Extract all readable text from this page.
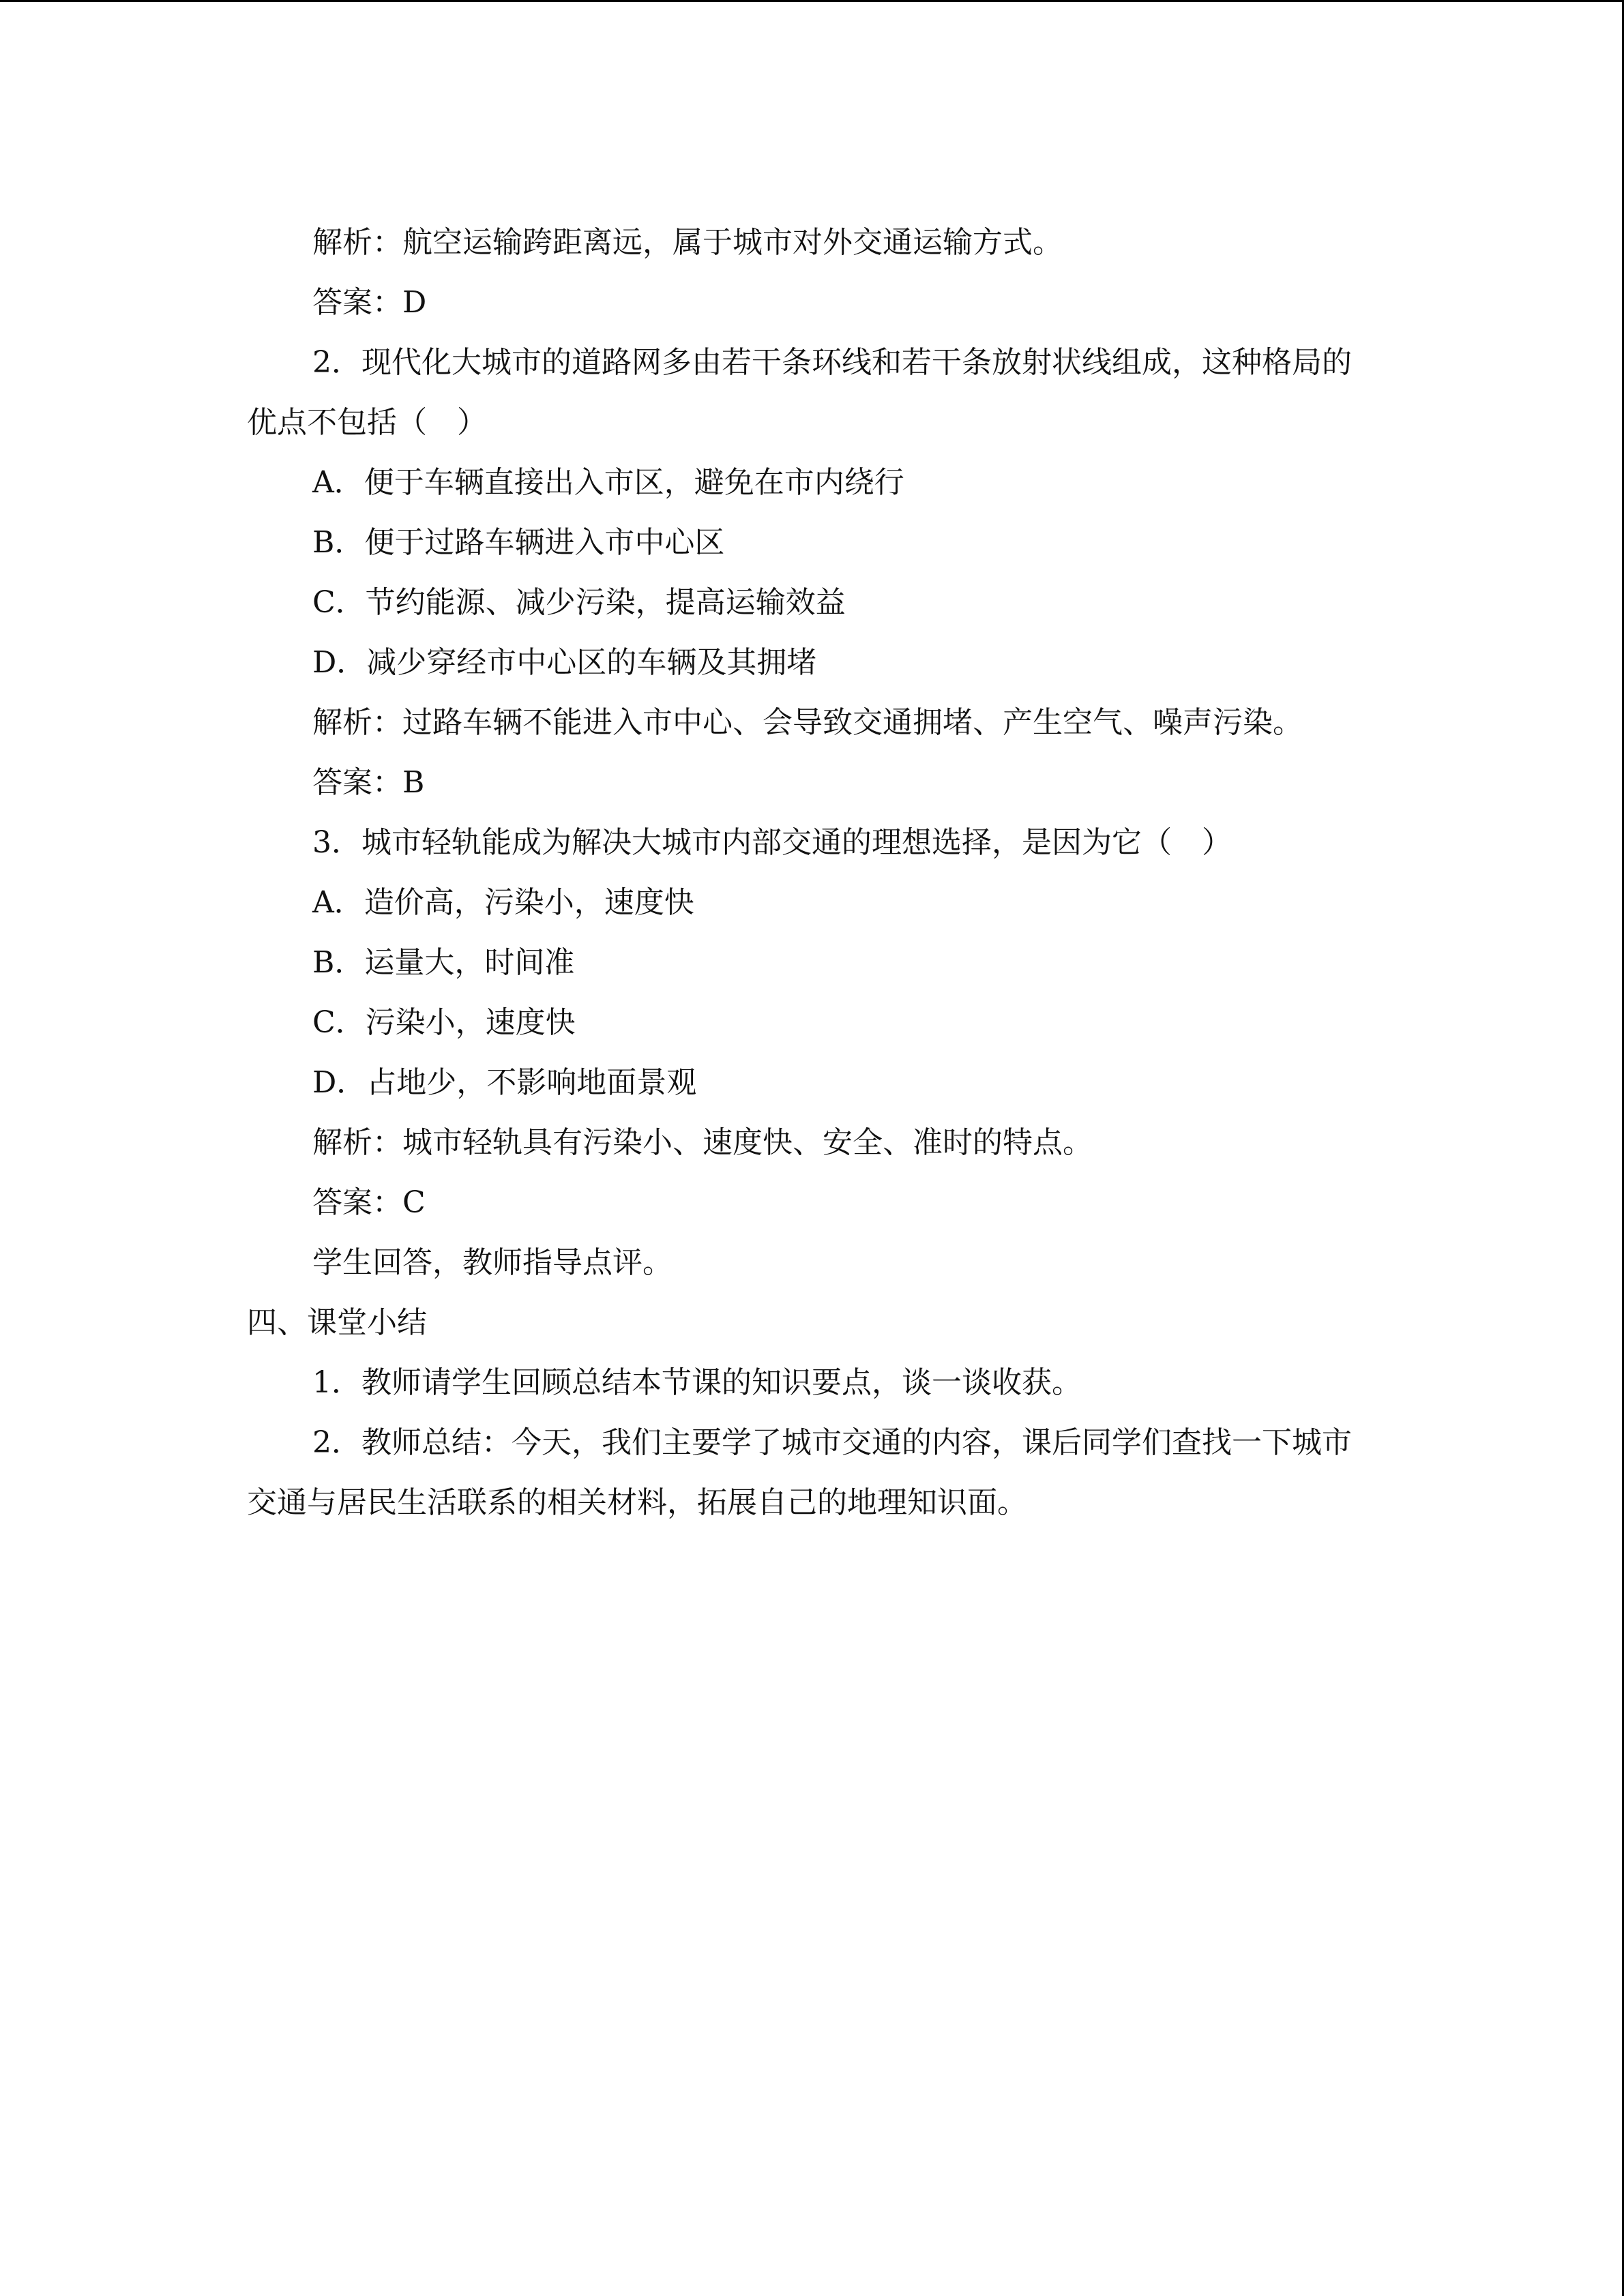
解析：航空运输跨距离远，属于城市对外交通运输方式。

答案：D

2．现代化大城市的道路网多由若干条环线和若干条放射状线组成，这种格局的优点不包括（　）

A．便于车辆直接出入市区，避免在市内绕行

B．便于过路车辆进入市中心区

C．节约能源、减少污染，提高运输效益

D．减少穿经市中心区的车辆及其拥堵

解析：过路车辆不能进入市中心、会导致交通拥堵、产生空气、噪声污染。

答案：B

3．城市轻轨能成为解决大城市内部交通的理想选择，是因为它（　）

A．造价高，污染小，速度快

B．运量大，时间准

C．污染小，速度快

D．占地少，不影响地面景观

解析：城市轻轨具有污染小、速度快、安全、准时的特点。

答案：C

学生回答，教师指导点评。

四、课堂小结

1．教师请学生回顾总结本节课的知识要点，谈一谈收获。

2．教师总结：今天，我们主要学了城市交通的内容，课后同学们查找一下城市交通与居民生活联系的相关材料，拓展自己的地理知识面。
